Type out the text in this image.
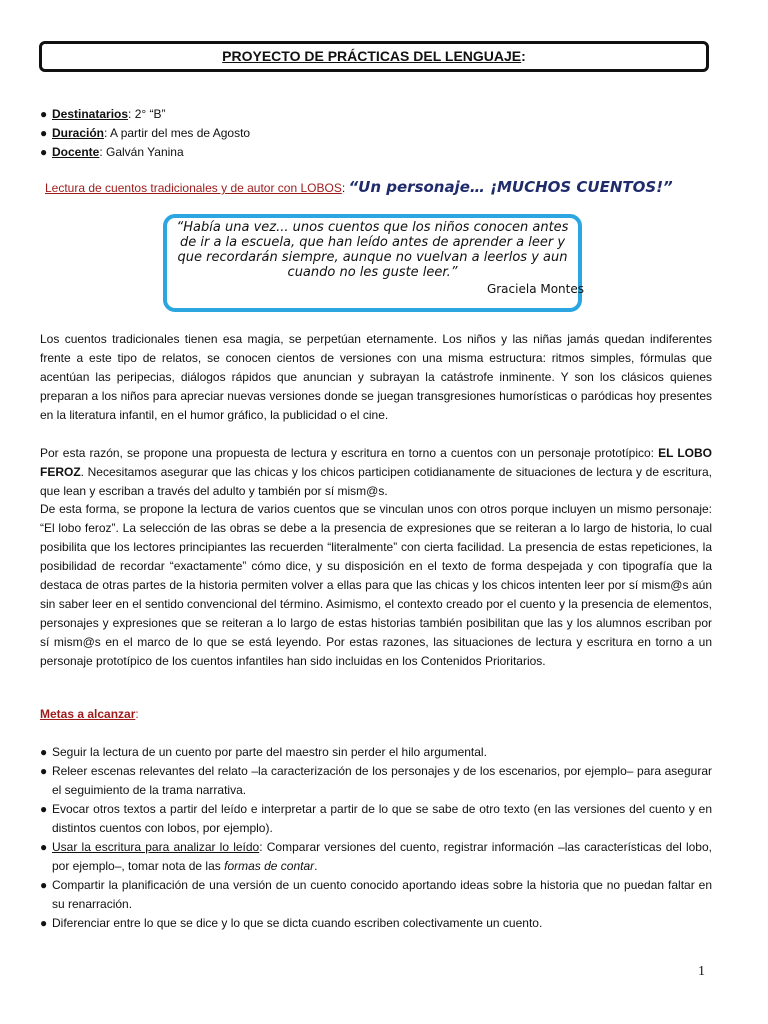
PROYECTO DE PRÁCTICAS DEL LENGUAJE:
● Destinatarios: 2° “B”
● Duración: A partir del mes de Agosto
● Docente: Galván Yanina
Lectura de cuentos tradicionales y de autor con LOBOS: “Un personaje… ¡MUCHOS CUENTOS!”
“Había una vez... unos cuentos que los niños conocen antes de ir a la escuela, que han leído antes de aprender a leer y que recordarán siempre, aunque no vuelvan a leerlos y aun cuando no les guste leer.”
Graciela Montes

Los cuentos tradicionales tienen esa magia, se perpetúan eternamente. Los niños y las niñas jamás quedan indiferentes frente a este tipo de relatos, se conocen cientos de versiones con una misma estructura: ritmos simples, fórmulas que acentúan las peripecias, diálogos rápidos que anuncian y subrayan la catástrofe inminente. Y son los clásicos quienes preparan a los niños para apreciar nuevas versiones donde se juegan transgresiones humorísticas o paródicas hoy presentes en la literatura infantil, en el humor gráfico, la publicidad o el cine.

Por esta razón, se propone una propuesta de lectura y escritura en torno a cuentos con un personaje prototípico: EL LOBO FEROZ. Necesitamos asegurar que las chicas y los chicos participen cotidianamente de situaciones de lectura y de escritura, que lean y escriban a través del adulto y también por sí mism@s.

De esta forma, se propone la lectura de varios cuentos que se vinculan unos con otros porque incluyen un mismo personaje: “El lobo feroz”. La selección de las obras se debe a la presencia de expresiones que se reiteran a lo largo de historia, lo cual posibilita que los lectores principiantes las recuerden “literalmente” con cierta facilidad. La presencia de estas repeticiones, la posibilidad de recordar “exactamente” cómo dice, y su disposición en el texto de forma despejada y con tipografía que la destaca de otras partes de la historia permiten volver a ellas para que las chicas y los chicos intenten leer por sí mism@s aún sin saber leer en el sentido convencional del término. Asimismo, el contexto creado por el cuento y la presencia de elementos, personajes y expresiones que se reiteran a lo largo de estas historias también posibilitan que las y los alumnos escriban por sí mism@s en el marco de lo que se está leyendo. Por estas razones, las situaciones de lectura y escritura en torno a un personaje prototípico de los cuentos infantiles han sido incluidas en los Contenidos Prioritarios.

Metas a alcanzar:
● Seguir la lectura de un cuento por parte del maestro sin perder el hilo argumental.
● Releer escenas relevantes del relato –la caracterización de los personajes y de los escenarios, por ejemplo– para asegurar el seguimiento de la trama narrativa.
● Evocar otros textos a partir del leído e interpretar a partir de lo que se sabe de otro texto (en las versiones del cuento y en distintos cuentos con lobos, por ejemplo).
● Usar la escritura para analizar lo leído: Comparar versiones del cuento, registrar información –las características del lobo, por ejemplo–, tomar nota de las formas de contar.
● Compartir la planificación de una versión de un cuento conocido aportando ideas sobre la historia que no puedan faltar en su renarración.
● Diferenciar entre lo que se dice y lo que se dicta cuando escriben colectivamente un cuento.
1
